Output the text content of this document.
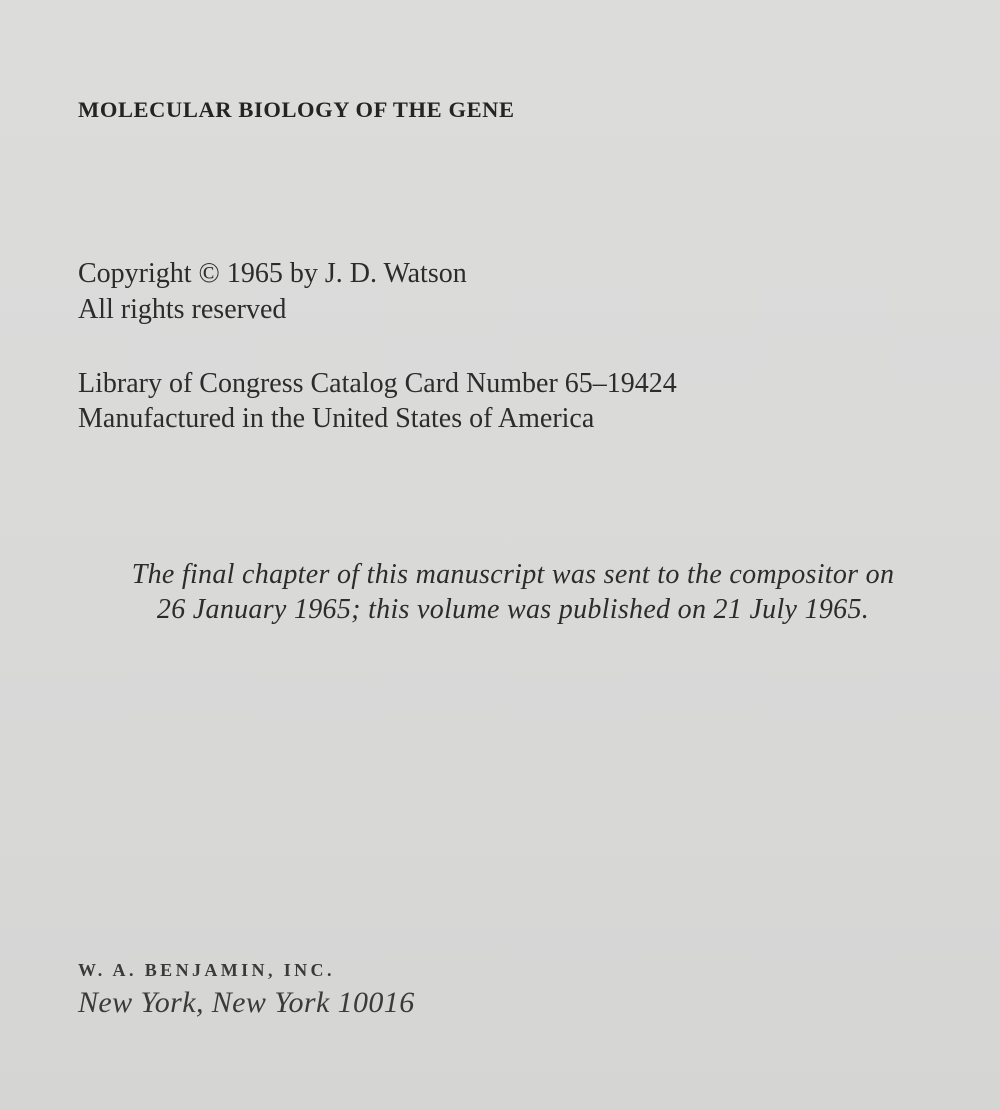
MOLECULAR BIOLOGY OF THE GENE
Copyright © 1965 by J. D. Watson
All rights reserved
Library of Congress Catalog Card Number 65–19424
Manufactured in the United States of America
The final chapter of this manuscript was sent to the compositor on
26 January 1965; this volume was published on 21 July 1965.
W. A. BENJAMIN, INC.
New York, New York 10016
